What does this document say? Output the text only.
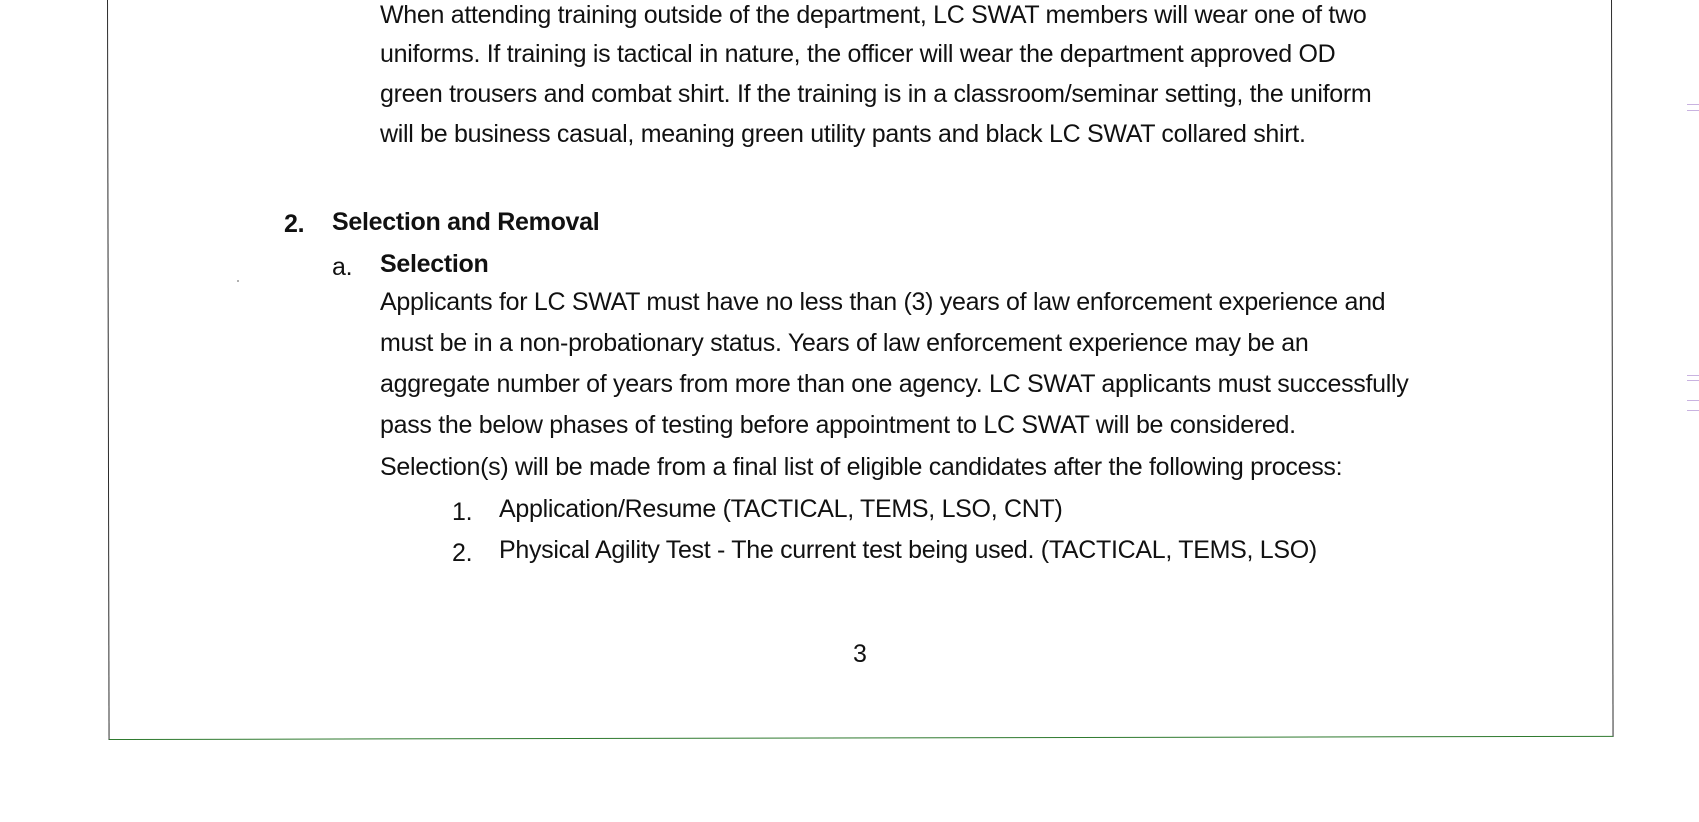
When attending training outside of the department, LC SWAT members will wear one of two
uniforms. If training is tactical in nature, the officer will wear the department approved OD
green trousers and combat shirt. If the training is in a classroom/seminar setting, the uniform
will be business casual, meaning green utility pants and black LC SWAT collared shirt.
2. Selection and Removal
a. Selection
Applicants for LC SWAT must have no less than (3) years of law enforcement experience and
must be in a non-probationary status. Years of law enforcement experience may be an
aggregate number of years from more than one agency. LC SWAT applicants must successfully
pass the below phases of testing before appointment to LC SWAT will be considered.
Selection(s) will be made from a final list of eligible candidates after the following process:
1. Application/Resume (TACTICAL, TEMS, LSO, CNT)
2. Physical Agility Test - The current test being used. (TACTICAL, TEMS, LSO)
3
